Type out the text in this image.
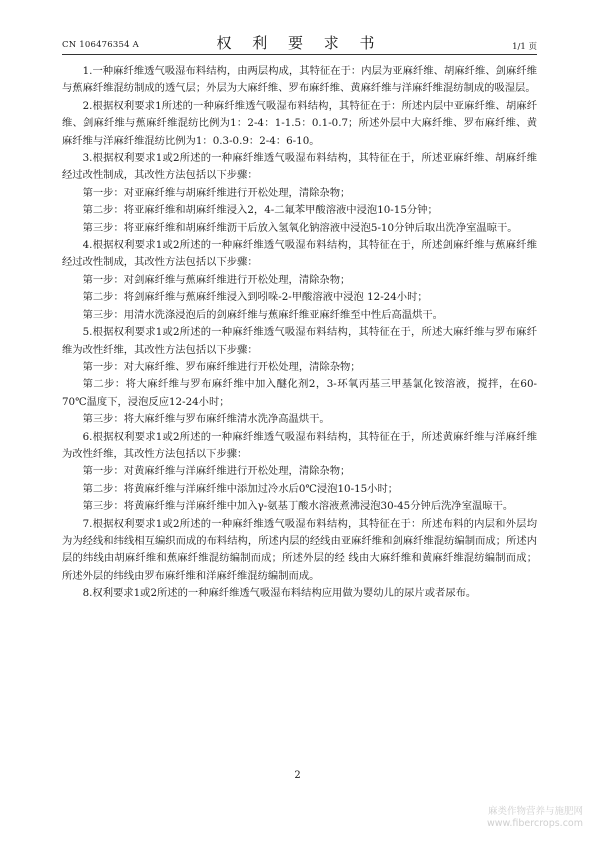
CN 106476354 A	权 利 要 求 书	1/1 页

1.一种麻纤维透气吸湿布料结构，由两层构成，其特征在于：内层为亚麻纤维、胡麻纤维、剑麻纤维与蕉麻纤维混纺制成的透气层；外层为大麻纤维、罗布麻纤维、黄麻纤维与洋麻纤维混纺制成的吸湿层。

2.根据权利要求1所述的一种麻纤维透气吸湿布料结构，其特征在于：所述内层中亚麻纤维、胡麻纤维、剑麻纤维与蕉麻纤维混纺比例为1：2-4：1-1.5：0.1-0.7；所述外层中大麻纤维、罗布麻纤维、黄麻纤维与洋麻纤维混纺比例为1：0.3-0.9：2-4：6-10。

3.根据权利要求1或2所述的一种麻纤维透气吸湿布料结构，其特征在于，所述亚麻纤维、胡麻纤维经过改性制成，其改性方法包括以下步骤：

第一步：对亚麻纤维与胡麻纤维进行开松处理，清除杂物；

第二步：将亚麻纤维和胡麻纤维浸入2，4-二氟苯甲酸溶液中浸泡10-15分钟；

第三步：将亚麻纤维和胡麻纤维沥干后放入氢氧化钠溶液中浸泡5-10分钟后取出洗净室温晾干。

4.根据权利要求1或2所述的一种麻纤维透气吸湿布料结构，其特征在于，所述剑麻纤维与蕉麻纤维经过改性制成，其改性方法包括以下步骤：

第一步：对剑麻纤维与蕉麻纤维进行开松处理，清除杂物；

第二步：将剑麻纤维与蕉麻纤维浸入到吲哚-2-甲酸溶液中浸泡 12-24小时；

第三步：用清水洗涤浸泡后的剑麻纤维与蕉麻纤维亚麻纤维至中性后高温烘干。

5.根据权利要求1或2所述的一种麻纤维透气吸湿布料结构，其特征在于，所述大麻纤维与罗布麻纤维为改性纤维，其改性方法包括以下步骤：

第一步：对大麻纤维、罗布麻纤维进行开松处理，清除杂物；

第二步：将大麻纤维与罗布麻纤维中加入醚化剂2，3-环氧丙基三甲基氯化铵溶液，搅拌，在60-70℃温度下，浸泡反应12-24小时；

第三步：将大麻纤维与罗布麻纤维清水洗净高温烘干。

6.根据权利要求1或2所述的一种麻纤维透气吸湿布料结构，其特征在于，所述黄麻纤维与洋麻纤维为改性纤维，其改性方法包括以下步骤：

第一步：对黄麻纤维与洋麻纤维进行开松处理，清除杂物；

第二步：将黄麻纤维与洋麻纤维中添加过冷水后0℃浸泡10-15小时；

第三步：将黄麻纤维与洋麻纤维中加入γ-氨基丁酸水溶液煮沸浸泡30-45分钟后洗净室温晾干。

7.根据权利要求1或2所述的一种麻纤维透气吸湿布料结构，其特征在于：所述布料的内层和外层均为为经线和纬线相互编织而成的布料结构，所述内层的经线由亚麻纤维和剑麻纤维混纺编制而成；所述内层的纬线由胡麻纤维和蕉麻纤维混纺编制而成；所述外层的经 线由大麻纤维和黄麻纤维混纺编制而成；所述外层的纬线由罗布麻纤维和洋麻纤维混纺编制而成。

8.权利要求1或2所述的一种麻纤维透气吸湿布料结构应用做为婴幼儿的尿片或者尿布。

2
麻类作物营养与施肥网
www.fibercrops.com
